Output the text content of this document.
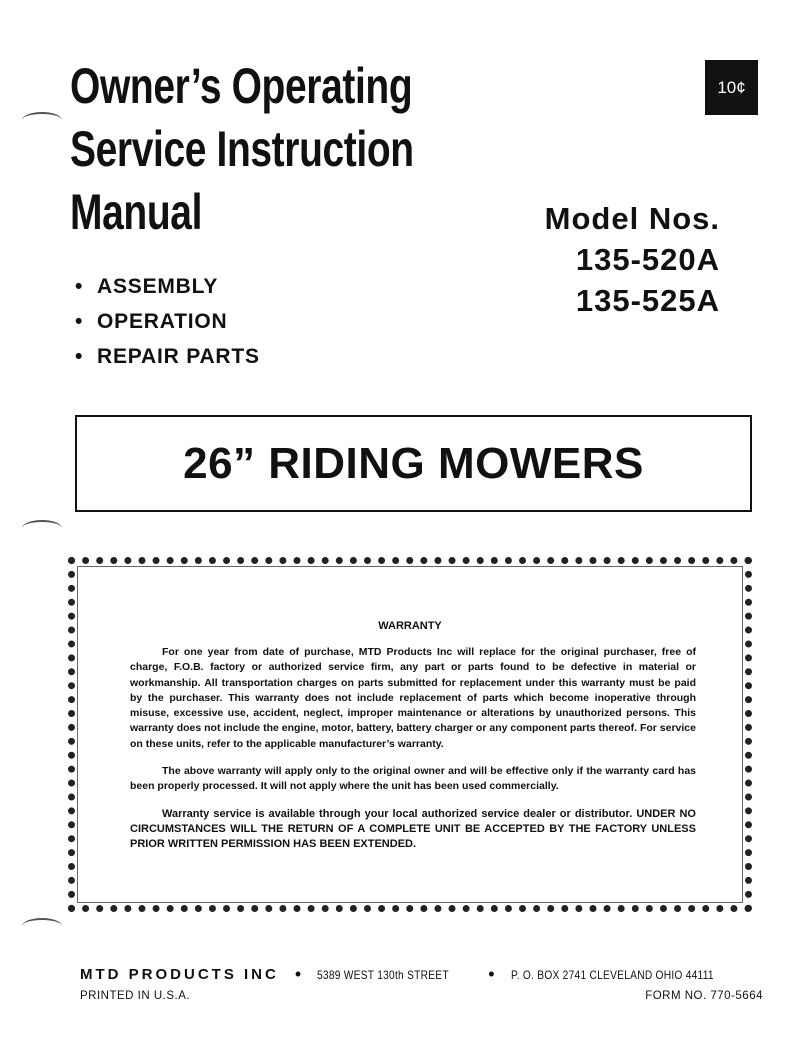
Owner’s Operating
Service Instruction
Manual
10¢
• ASSEMBLY
• OPERATION
• REPAIR PARTS
Model Nos.
135-520A
135-525A
26” RIDING MOWERS
WARRANTY

For one year from date of purchase, MTD Products Inc will replace for the original purchaser, free of charge, F.O.B. factory or authorized service firm, any part or parts found to be defective in material or workmanship. All transportation charges on parts submitted for replacement under this warranty must be paid by the purchaser. This warranty does not include replacement of parts which become inoperative through misuse, excessive use, accident, neglect, improper maintenance or alterations by unauthorized persons. This warranty does not include the engine, motor, battery, battery charger or any component parts thereof. For service on these units, refer to the applicable manufacturer’s warranty.

The above warranty will apply only to the original owner and will be effective only if the warranty card has been properly processed. It will not apply where the unit has been used commercially.

Warranty service is available through your local authorized service dealer or distributor. UNDER NO CIRCUMSTANCES WILL THE RETURN OF A COMPLETE UNIT BE ACCEPTED BY THE FACTORY UNLESS PRIOR WRITTEN PERMISSION HAS BEEN EXTENDED.

MTD PRODUCTS INC • 5389 WEST 130th STREET • P. O. BOX 2741 CLEVELAND OHIO 44111
PRINTED IN U.S.A.	FORM NO. 770-5664
